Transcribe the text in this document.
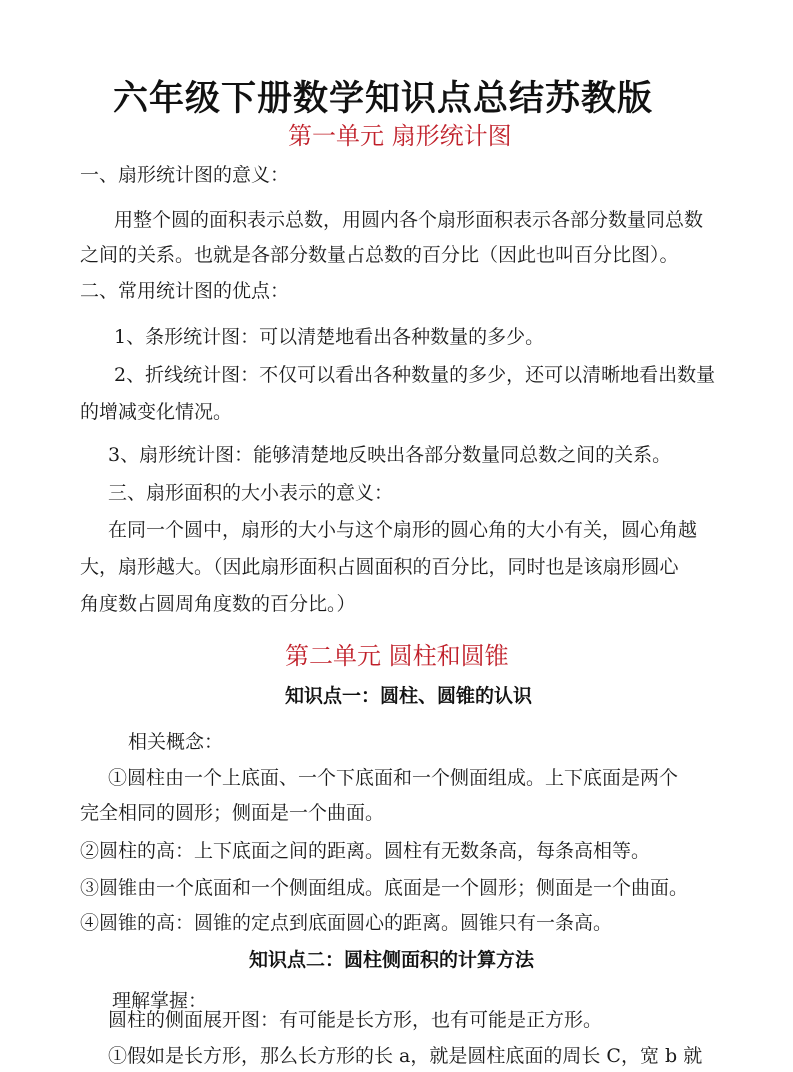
六年级下册数学知识点总结苏教版
第一单元 扇形统计图
一、扇形统计图的意义：
用整个圆的面积表示总数，用圆内各个扇形面积表示各部分数量同总数
之间的关系。也就是各部分数量占总数的百分比（因此也叫百分比图）。
二、常用统计图的优点：
1、条形统计图：可以清楚地看出各种数量的多少。
2、折线统计图：不仅可以看出各种数量的多少，还可以清晰地看出数量
的增减变化情况。
3、扇形统计图：能够清楚地反映出各部分数量同总数之间的关系。
三、扇形面积的大小表示的意义：
在同一个圆中，扇形的大小与这个扇形的圆心角的大小有关，圆心角越
大，扇形越大。（因此扇形面积占圆面积的百分比，同时也是该扇形圆心
角度数占圆周角度数的百分比。）
第二单元 圆柱和圆锥
知识点一：圆柱、圆锥的认识
相关概念：
①圆柱由一个上底面、一个下底面和一个侧面组成。上下底面是两个
完全相同的圆形；侧面是一个曲面。
②圆柱的高：上下底面之间的距离。圆柱有无数条高，每条高相等。
③圆锥由一个底面和一个侧面组成。底面是一个圆形；侧面是一个曲面。
④圆锥的高：圆锥的定点到底面圆心的距离。圆锥只有一条高。
知识点二：圆柱侧面积的计算方法
理解掌握：
圆柱的侧面展开图：有可能是长方形，也有可能是正方形。
①假如是长方形，那么长方形的长 a，就是圆柱底面的周长 C，宽 b 就
